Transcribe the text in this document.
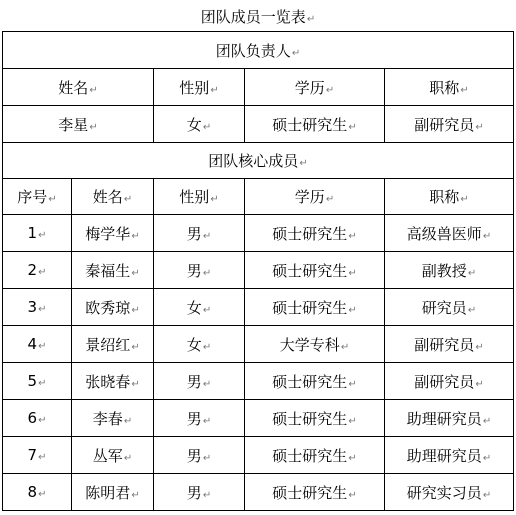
团队成员一览表↵
团队负责人↵				
姓名↵		性别↵	学历↵	职称↵
李星↵		女↵	硕士研究生↵	副研究员↵
团队核心成员↵				
序号↵	姓名↵	性别↵	学历↵	职称↵
1↵	梅学华↵	男↵	硕士研究生↵	高级兽医师↵
2↵	秦福生↵	男↵	硕士研究生↵	副教授↵
3↵	欧秀琼↵	女↵	硕士研究生↵	研究员↵
4↵	景绍红↵	女↵	大学专科↵	副研究员↵
5↵	张晓春↵	男↵	硕士研究生↵	副研究员↵
6↵	李春↵	男↵	硕士研究生↵	助理研究员↵
7↵	丛军↵	男↵	硕士研究生↵	助理研究员↵
8↵	陈明君↵	男↵	硕士研究生↵	研究实习员↵
